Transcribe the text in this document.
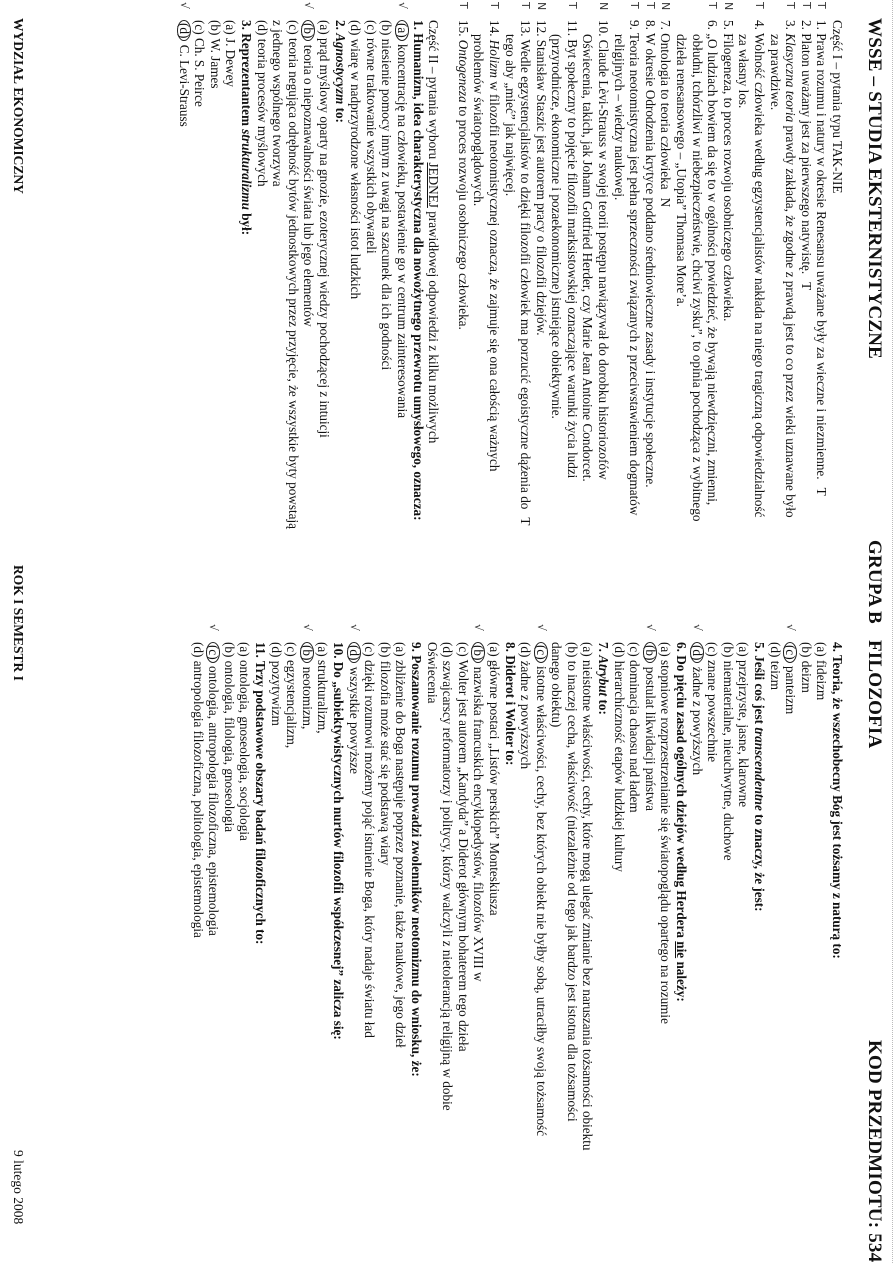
WSSE – STUDIA EKSTERNISTYCZNE
GRUPA B
FILOZOFIA
KOD PRZEDMIOTU: 534
Część I – pytania typu TAK-NIE
T
1. Prawa rozumu i natury w okresie Renesansu uważane były za wieczne i niezmienne.T
T
2. Platon uważany jest za pierwszego natywistę.T
T
3. Klasyczna teoria prawdy zakłada, że zgodne z prawdą jest to co przez wieki uznawane było
za prawdziwe.
T
4. Wolność człowieka według egzystencjalistów nakłada na niego tragiczną odpowiedzialność
za własny los.
N
5. Filogeneza, to proces rozwoju osobniczego człowieka.
T
6. „O ludziach bowiem da się to w ogólności powiedzieć, że bywają niewdzięczni, zmienni,
obłudni, tchórzliwi w niebezpieczeństwie, chciwi zysku”, to opinia pochodząca z wybitnego
dzieła renesansowego – „Utopia” Thomasa More’a.
N
7. Ontologia to teoria człowiekaN
T
8. W okresie Odrodzenia krytyce poddano średniowieczne zasady i instytucje społeczne.
T
9. Teoria neotomistyczna jest pełna sprzeczności związanych z przeciwstawieniem dogmatów
religijnych – wiedzy naukowej.
N
10. Claude Lèvi-Strauss w swojej teorii postępu nawiązywał do dorobku historiozofów
Oświecenia, takich, jak Johann Gottfried Herder, czy Marie Jean Antoine Condorcet.
T
11. Byt społeczny to pojęcie filozofii marksistowskiej oznaczające warunki życia ludzi
(przyrodnicze, ekonomiczne i pozaekonomiczne) istniejące obiektywnie.
N
12. Stanisław Staszic jest autorem pracy o filozofii dziejów.
T
13. Wedle egzystencjalistów to dzięki filozofii człowiek ma porzucić egoistyczne dążenia doT
tego aby „mieć” jak najwięcej.
T
14. Holizm w filozofii neotomistycznej oznacza, że zajmuje się ona całością ważnych
problemów światopoglądowych.
T
15. Ontogeneza to proces rozwoju osobniczego człowieka.
Część II – pytania wyboru JEDNEJ prawidłowej odpowiedzi z kilku możliwych
1. Humanizm, idea charakterystyczna dla nowożytnego przewrotu umysłowego, oznacza:
√
(a) koncentrację na człowieku, postawienie go w centrum zainteresowania
(b) niesienie pomocy innym z uwagi na szacunek dla ich godności
(c) równe traktowanie wszystkich obywateli
(d) wiarę w nadprzyrodzone własności istot ludzkich
2. Agnostycyzm to:
(a) prąd myślowy oparty na gnozie, ezoterycznej wiedzy pochodzącej z intuicji
√
(b) teoria o niepoznawalności świata lub jego elementów
(c) teoria negująca odrębność bytów jednostkowych przez przyjęcie, że wszystkie byty powstają
z jednego wspólnego tworzywa
(d) teoria procesów myślowych
3. Reprezentantem strukturalizmu był:
(a) J. Dewey
(b) W. James
(c) Ch. S. Peirce
√
(d) C. Levi-Strauss
4. Teoria, że wszechobecny Bóg jest tożsamy z naturą to:
(a) fideizm
(b) deizm
√
(c) panteizm
(d) teizm
5. Jeśli coś jest transcendentne to znaczy, że jest:
(a) przejrzyste, jasne, klarowne
(b) niematerialne, nieuchwytne, duchowe
(c) znane powszechnie
√
(d) żadne z powyższych
6. Do pięciu zasad ogólnych dziejów według Herdera nie należy:
(a) stopniowe rozprzestrzenianie się światopoglądu opartego na rozumie
√
(b) postulat likwidacji państwa
(c) dominacja chaosu nad ładem
(d) hierarchiczność etapów ludzkiej kultury
7. Atrybut to:
(a) nieistotne właściwości, cechy, które mogą ulegać zmianie bez naruszania tożsamości obiektu
(b) to inaczej cecha, właściwość (niezależnie od tego jak bardzo jest istotna dla tożsamości
danego obiektu)
√
(c) istotne właściwości, cechy, bez których obiekt nie byłby sobą, utraciłby swoją tożsamość
(d) żadne z powyższych
8. Diderot i Wolter to:
(a) główne postaci „Listów perskich” Monteskiusza
√
(b) nazwiska francuskich encyklopedystów, filozofów XVIII w
(c) Wolter jest autorem „Kandyda” a Diderot głównym bohaterem tego dzieła
(d) szwajcarscy reformatorzy i politycy, którzy walczyli z nietolerancją religijną w dobie
Oświecenia
9. Poszanowanie rozumu prowadzi zwolenników neotomizmu do wniosku, że:
(a) zbliżenie do Boga następuje poprzez poznanie, także naukowe, jego dzieł
(b) filozofia może stać się podstawą wiary
(c) dzięki rozumowi możemy pojąć istnienie Boga, który nadaje światu ład
√
(d) wszystkie powyższe
10. Do „subiektywistycznych nurtów filozofii współczesnej” zalicza się:
(a) strukturalizm,
√
(b) neotomizm,
(c) egzystencjalizm,
(d) pozytywizm
11. Trzy podstawowe obszary badań filozoficznych to:
(a) ontologia, gnoseologia, socjologia
(b) ontologia, filologia, gnoseologia
√
(c) ontologia, antropologia filozoficzna, epistemologia
(d) antropologia filozoficzna, politologia, epistemologia
WYDZIAŁ EKONOMICZNY
ROK I SEMESTR I
9 lutego 2008
